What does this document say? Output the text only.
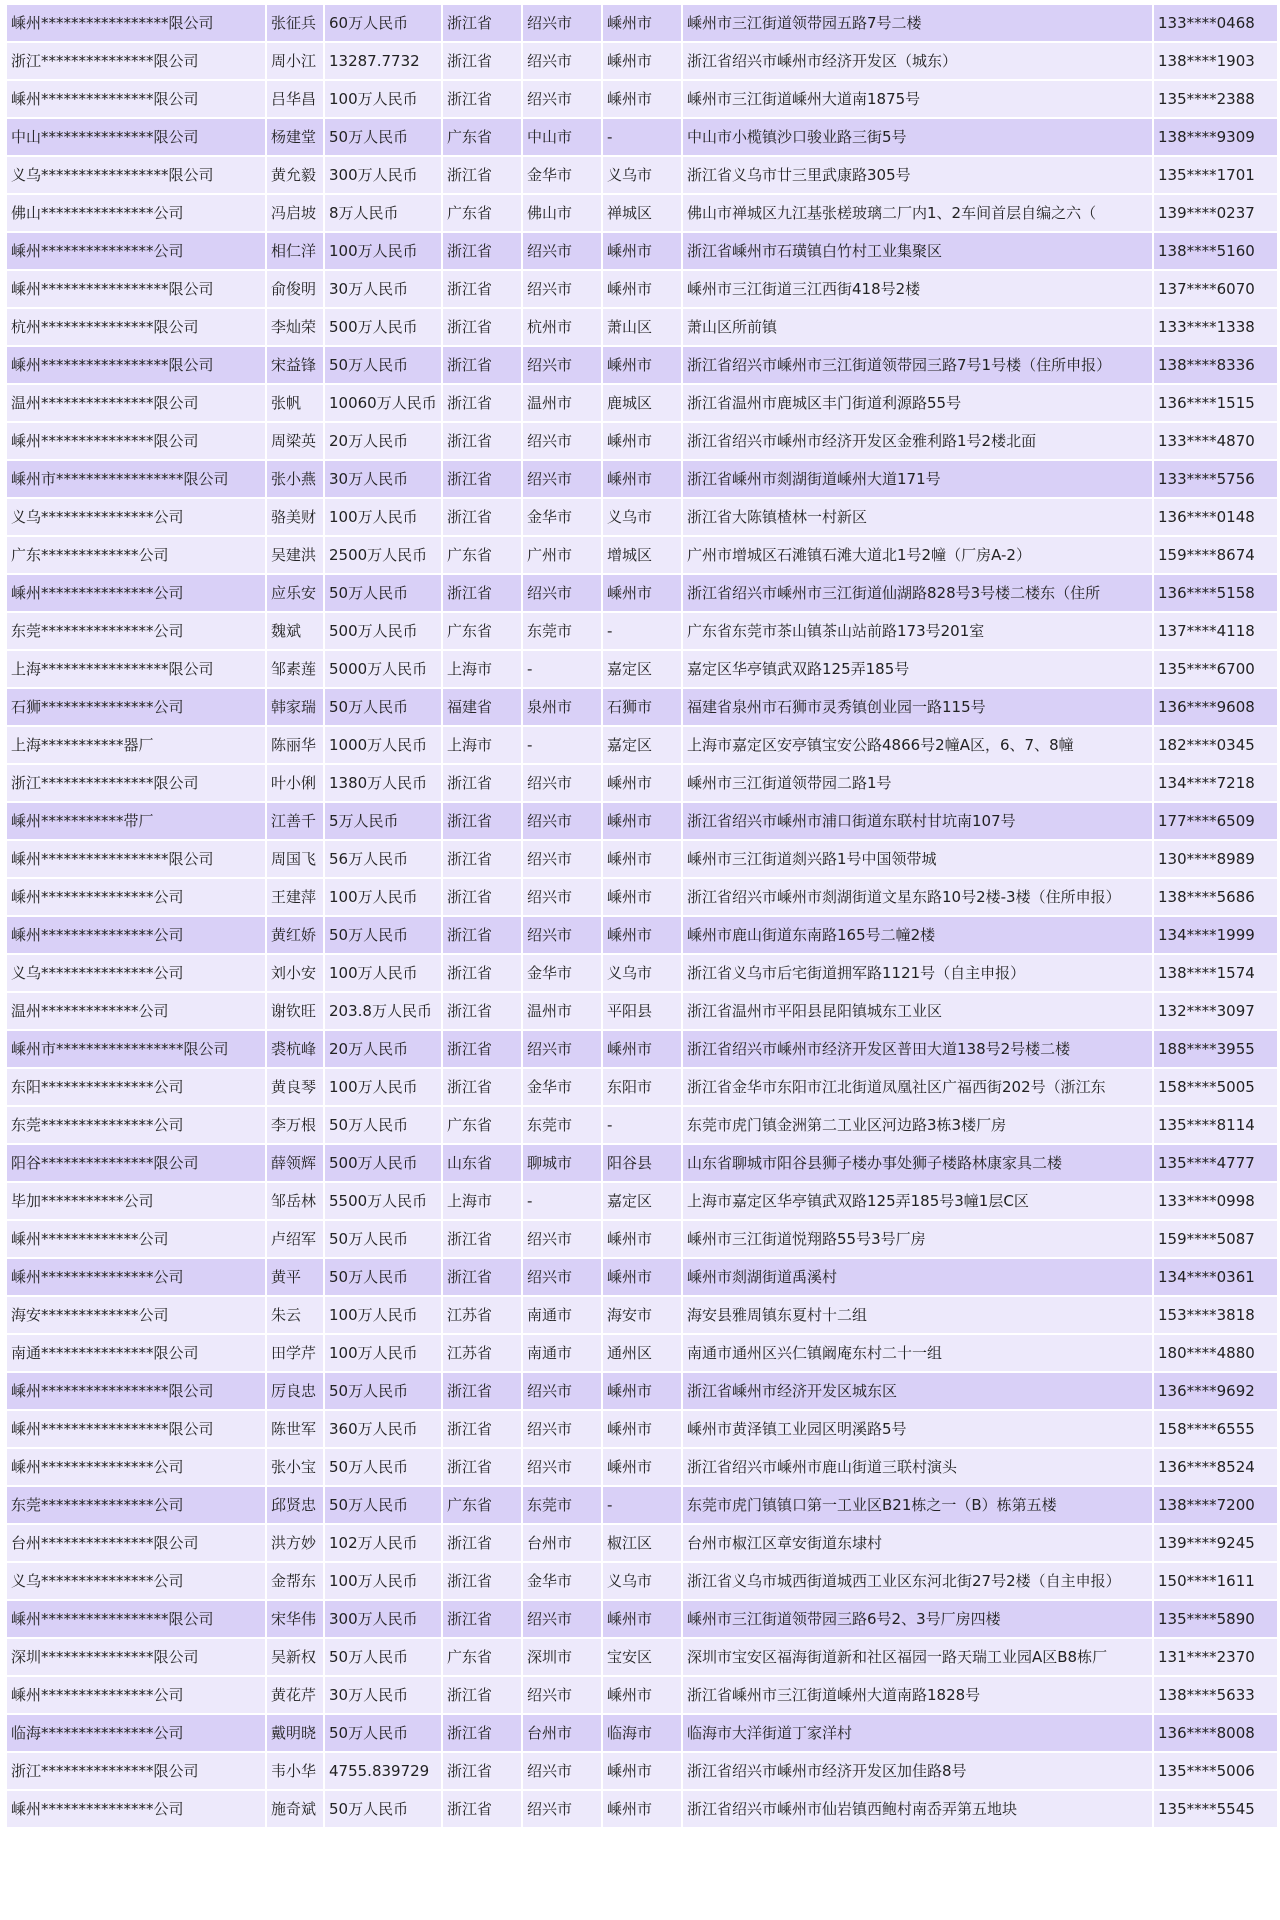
嵊州*****************限公司	张征兵	60万人民币	浙江省	绍兴市	嵊州市	嵊州市三江街道领带园五路7号二楼	133****0468
浙江***************限公司	周小江	13287.7732	浙江省	绍兴市	嵊州市	浙江省绍兴市嵊州市经济开发区（城东）	138****1903
嵊州***************限公司	吕华昌	100万人民币	浙江省	绍兴市	嵊州市	嵊州市三江街道嵊州大道南1875号	135****2388
中山***************限公司	杨建堂	50万人民币	广东省	中山市	-	中山市小榄镇沙口骏业路三街5号	138****9309
义乌*****************限公司	黄允毅	300万人民币	浙江省	金华市	义乌市	浙江省义乌市廿三里武康路305号	135****1701
佛山***************公司	冯启坡	8万人民币	广东省	佛山市	禅城区	佛山市禅城区九江基张槎玻璃二厂内1、2车间首层自编之六（	139****0237
嵊州***************公司	相仁洋	100万人民币	浙江省	绍兴市	嵊州市	浙江省嵊州市石璜镇白竹村工业集聚区	138****5160
嵊州*****************限公司	俞俊明	30万人民币	浙江省	绍兴市	嵊州市	嵊州市三江街道三江西街418号2楼	137****6070
杭州***************限公司	李灿荣	500万人民币	浙江省	杭州市	萧山区	萧山区所前镇	133****1338
嵊州*****************限公司	宋益锋	50万人民币	浙江省	绍兴市	嵊州市	浙江省绍兴市嵊州市三江街道领带园三路7号1号楼（住所申报）	138****8336
温州***************限公司	张帆	10060万人民币	浙江省	温州市	鹿城区	浙江省温州市鹿城区丰门街道利源路55号	136****1515
嵊州***************限公司	周梁英	20万人民币	浙江省	绍兴市	嵊州市	浙江省绍兴市嵊州市经济开发区金雅利路1号2楼北面	133****4870
嵊州市*****************限公司	张小燕	30万人民币	浙江省	绍兴市	嵊州市	浙江省嵊州市剡湖街道嵊州大道171号	133****5756
义乌***************公司	骆美财	100万人民币	浙江省	金华市	义乌市	浙江省大陈镇楂林一村新区	136****0148
广东*************公司	吴建洪	2500万人民币	广东省	广州市	增城区	广州市增城区石滩镇石滩大道北1号2幢（厂房A-2）	159****8674
嵊州***************公司	应乐安	50万人民币	浙江省	绍兴市	嵊州市	浙江省绍兴市嵊州市三江街道仙湖路828号3号楼二楼东（住所	136****5158
东莞***************公司	魏斌	500万人民币	广东省	东莞市	-	广东省东莞市茶山镇茶山站前路173号201室	137****4118
上海*****************限公司	邹素莲	5000万人民币	上海市	-	嘉定区	嘉定区华亭镇武双路125弄185号	135****6700
石狮***************公司	韩家瑞	50万人民币	福建省	泉州市	石狮市	福建省泉州市石狮市灵秀镇创业园一路115号	136****9608
上海***********器厂	陈丽华	1000万人民币	上海市	-	嘉定区	上海市嘉定区安亭镇宝安公路4866号2幢A区，6、7、8幢	182****0345
浙江***************限公司	叶小俐	1380万人民币	浙江省	绍兴市	嵊州市	嵊州市三江街道领带园二路1号	134****7218
嵊州***********带厂	江善千	5万人民币	浙江省	绍兴市	嵊州市	浙江省绍兴市嵊州市浦口街道东联村甘坑南107号	177****6509
嵊州*****************限公司	周国飞	56万人民币	浙江省	绍兴市	嵊州市	嵊州市三江街道剡兴路1号中国领带城	130****8989
嵊州***************公司	王建萍	100万人民币	浙江省	绍兴市	嵊州市	浙江省绍兴市嵊州市剡湖街道文星东路10号2楼-3楼（住所申报）	138****5686
嵊州***************公司	黄红娇	50万人民币	浙江省	绍兴市	嵊州市	嵊州市鹿山街道东南路165号二幢2楼	134****1999
义乌***************公司	刘小安	100万人民币	浙江省	金华市	义乌市	浙江省义乌市后宅街道拥军路1121号（自主申报）	138****1574
温州*************公司	谢钦旺	203.8万人民币	浙江省	温州市	平阳县	浙江省温州市平阳县昆阳镇城东工业区	132****3097
嵊州市*****************限公司	裘杭峰	20万人民币	浙江省	绍兴市	嵊州市	浙江省绍兴市嵊州市经济开发区普田大道138号2号楼二楼	188****3955
东阳***************公司	黄良琴	100万人民币	浙江省	金华市	东阳市	浙江省金华市东阳市江北街道凤凰社区广福西街202号（浙江东	158****5005
东莞***************公司	李万根	50万人民币	广东省	东莞市	-	东莞市虎门镇金洲第二工业区河边路3栋3楼厂房	135****8114
阳谷***************限公司	薛领辉	500万人民币	山东省	聊城市	阳谷县	山东省聊城市阳谷县狮子楼办事处狮子楼路林康家具二楼	135****4777
毕加***********公司	邹岳林	5500万人民币	上海市	-	嘉定区	上海市嘉定区华亭镇武双路125弄185号3幢1层C区	133****0998
嵊州*************公司	卢绍军	50万人民币	浙江省	绍兴市	嵊州市	嵊州市三江街道悦翔路55号3号厂房	159****5087
嵊州***************公司	黄平	50万人民币	浙江省	绍兴市	嵊州市	嵊州市剡湖街道禹溪村	134****0361
海安*************公司	朱云	100万人民币	江苏省	南通市	海安市	海安县雅周镇东夏村十二组	153****3818
南通***************限公司	田学芹	100万人民币	江苏省	南通市	通州区	南通市通州区兴仁镇阚庵东村二十一组	180****4880
嵊州*****************限公司	厉良忠	50万人民币	浙江省	绍兴市	嵊州市	浙江省嵊州市经济开发区城东区	136****9692
嵊州*****************限公司	陈世军	360万人民币	浙江省	绍兴市	嵊州市	嵊州市黄泽镇工业园区明溪路5号	158****6555
嵊州***************公司	张小宝	50万人民币	浙江省	绍兴市	嵊州市	浙江省绍兴市嵊州市鹿山街道三联村演头	136****8524
东莞***************公司	邱贤忠	50万人民币	广东省	东莞市	-	东莞市虎门镇镇口第一工业区B21栋之一（B）栋第五楼	138****7200
台州***************限公司	洪方妙	102万人民币	浙江省	台州市	椒江区	台州市椒江区章安街道东埭村	139****9245
义乌***************公司	金帮东	100万人民币	浙江省	金华市	义乌市	浙江省义乌市城西街道城西工业区东河北街27号2楼（自主申报）	150****1611
嵊州*****************限公司	宋华伟	300万人民币	浙江省	绍兴市	嵊州市	嵊州市三江街道领带园三路6号2、3号厂房四楼	135****5890
深圳***************限公司	吴新权	50万人民币	广东省	深圳市	宝安区	深圳市宝安区福海街道新和社区福园一路天瑞工业园A区B8栋厂	131****2370
嵊州***************公司	黄花芹	30万人民币	浙江省	绍兴市	嵊州市	浙江省嵊州市三江街道嵊州大道南路1828号	138****5633
临海***************公司	戴明晓	50万人民币	浙江省	台州市	临海市	临海市大洋街道丁家洋村	136****8008
浙江***************限公司	韦小华	4755.839729	浙江省	绍兴市	嵊州市	浙江省绍兴市嵊州市经济开发区加佳路8号	135****5006
嵊州***************公司	施奇斌	50万人民币	浙江省	绍兴市	嵊州市	浙江省绍兴市嵊州市仙岩镇西鲍村南岙弄第五地块	135****5545
